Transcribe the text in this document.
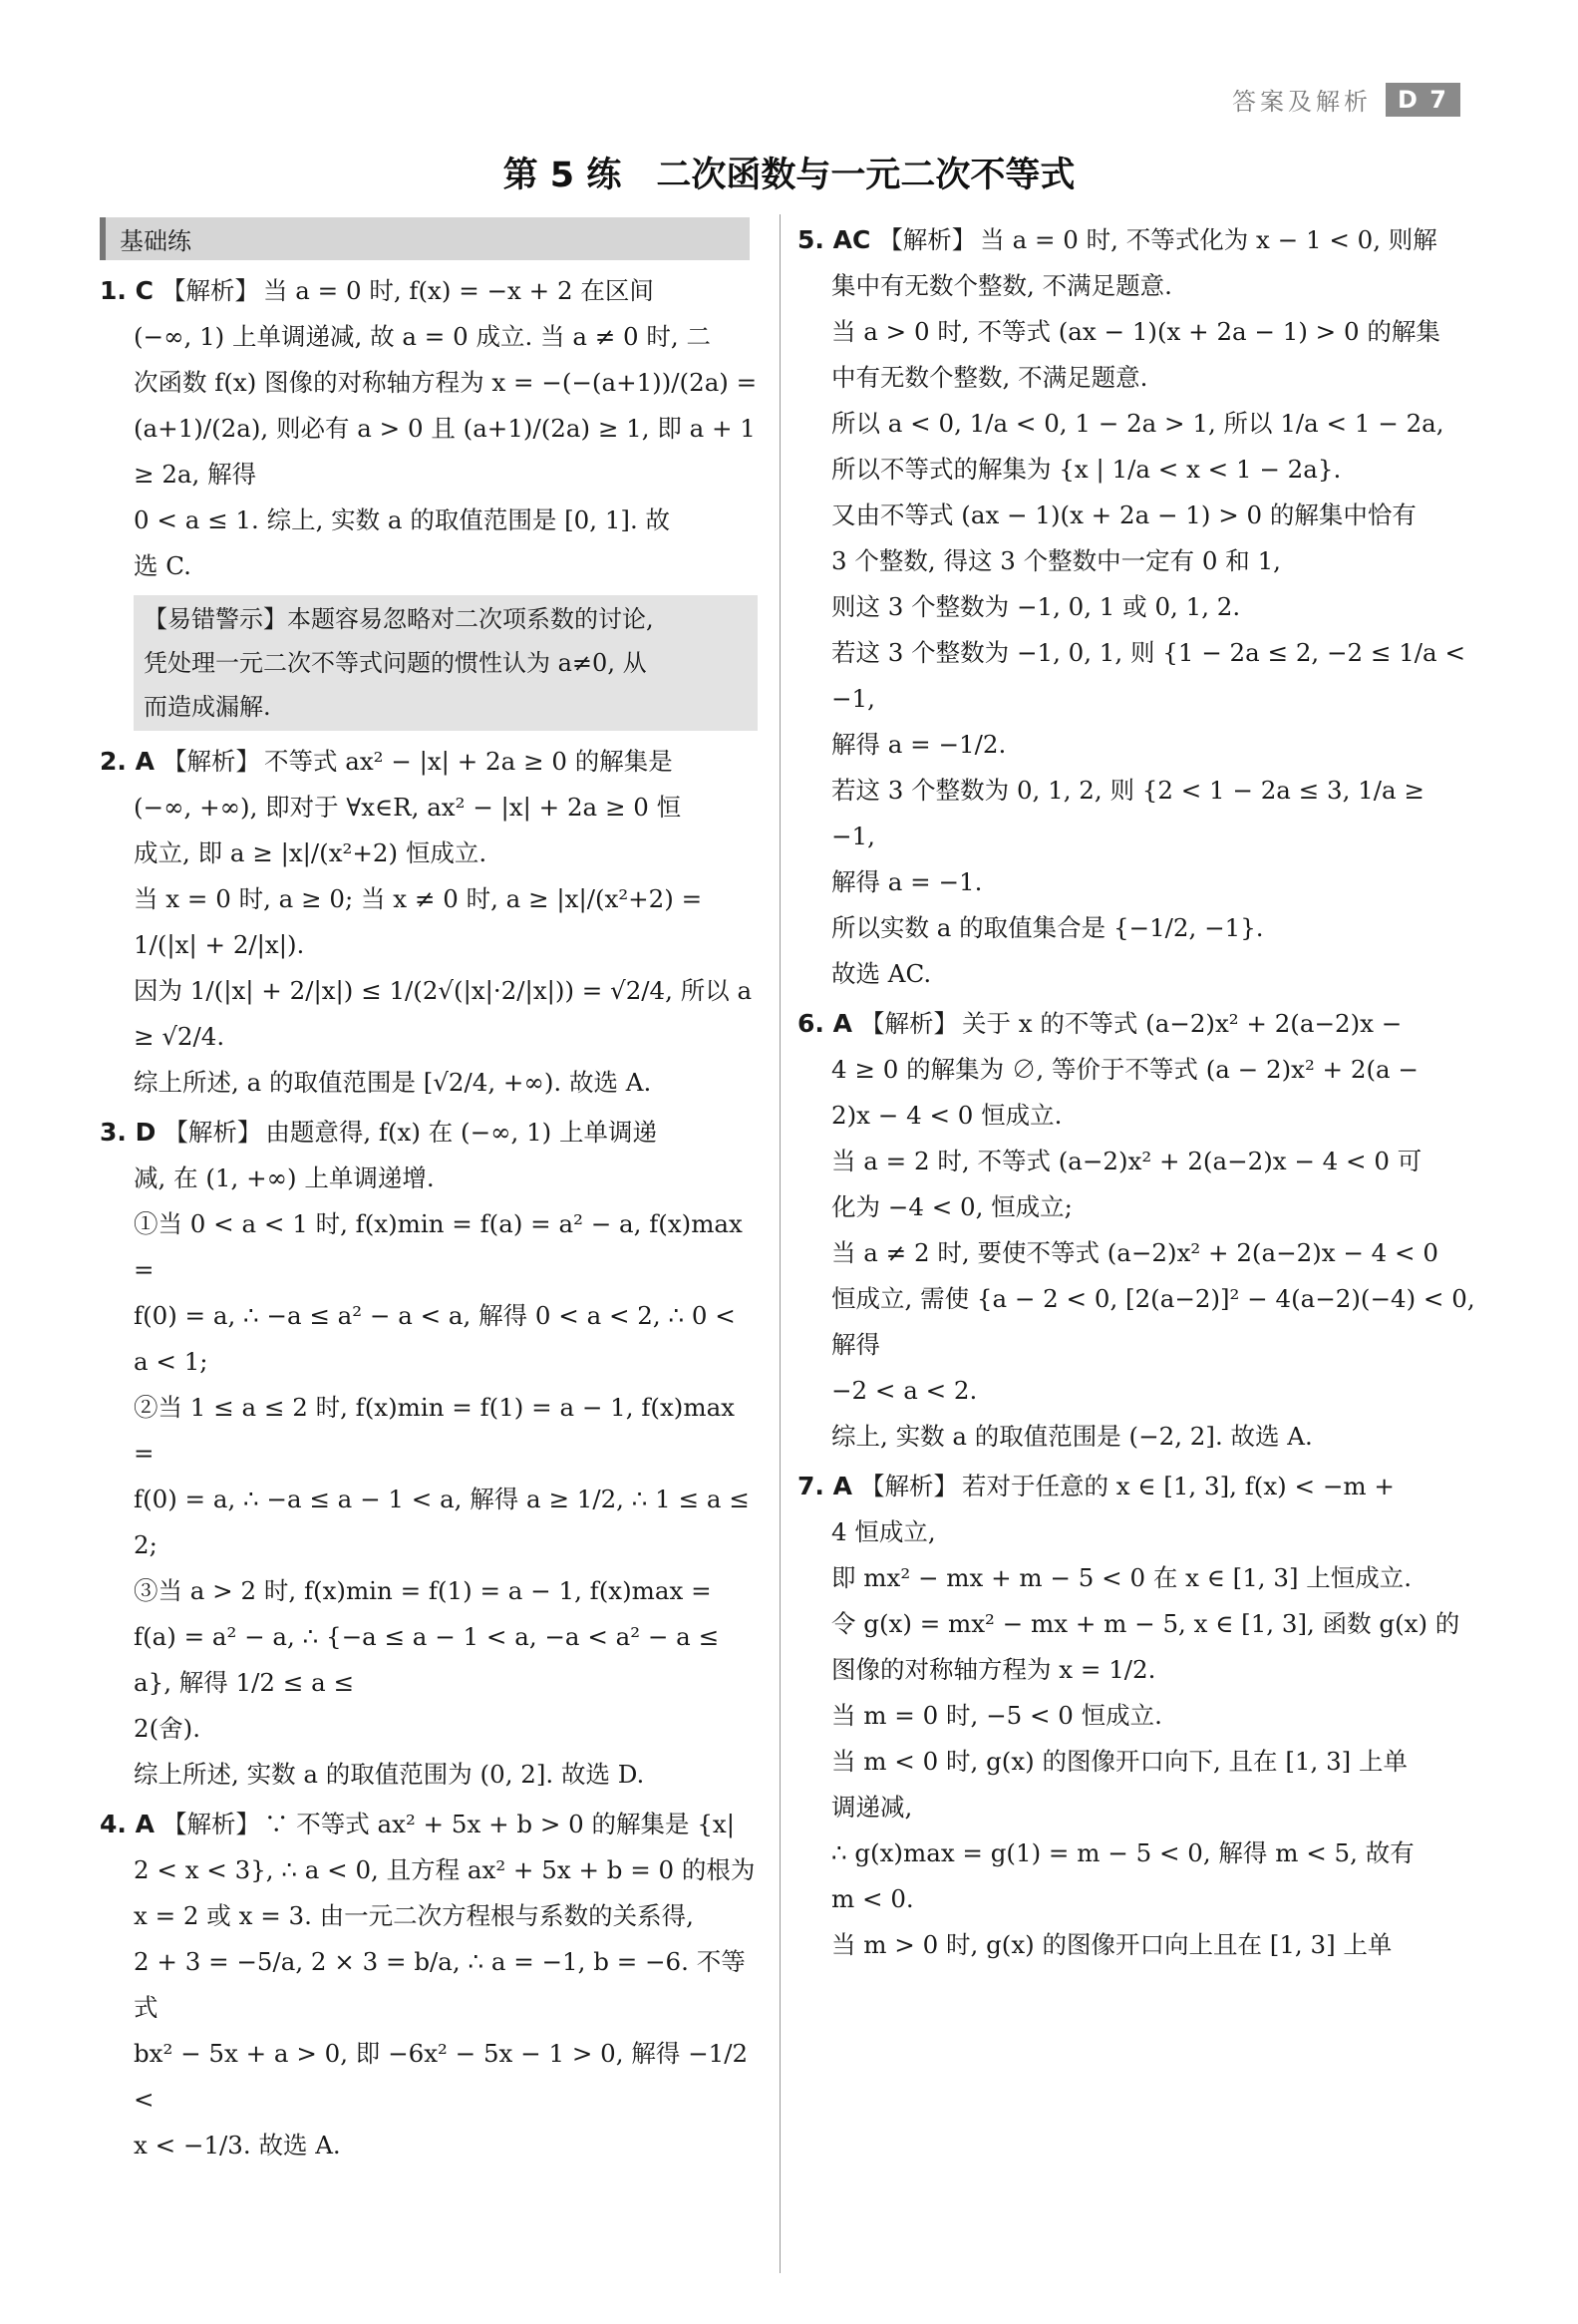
答案及解析	D 7
第 5 练　二次函数与一元二次不等式
基础练
1. C 【解析】 当 a = 0 时, f(x) = −x + 2 在区间
(−∞, 1) 上单调递减, 故 a = 0 成立. 当 a ≠ 0 时, 二
次函数 f(x) 图像的对称轴方程为 x = −(−(a+1))/(2a) =
(a+1)/(2a), 则必有 a > 0 且 (a+1)/(2a) ≥ 1, 即 a + 1 ≥ 2a, 解得
0 < a ≤ 1. 综上, 实数 a 的取值范围是 [0, 1]. 故
选 C.
【易错警示】本题容易忽略对二次项系数的讨论,
凭处理一元二次不等式问题的惯性认为 a≠0, 从
而造成漏解.
2. A 【解析】 不等式 ax² − |x| + 2a ≥ 0 的解集是
(−∞, +∞), 即对于 ∀x∈R, ax² − |x| + 2a ≥ 0 恒
成立, 即 a ≥ |x|/(x²+2) 恒成立.
当 x = 0 时, a ≥ 0; 当 x ≠ 0 时, a ≥ |x|/(x²+2) = 1/(|x| + 2/|x|).
因为 1/(|x| + 2/|x|) ≤ 1/(2√(|x|·2/|x|)) = √2/4, 所以 a ≥ √2/4.
综上所述, a 的取值范围是 [√2/4, +∞). 故选 A.
3. D 【解析】 由题意得, f(x) 在 (−∞, 1) 上单调递
减, 在 (1, +∞) 上单调递增.
①当 0 < a < 1 时, f(x)min = f(a) = a² − a, f(x)max =
f(0) = a, ∴ −a ≤ a² − a < a, 解得 0 < a < 2, ∴ 0 <
a < 1;
②当 1 ≤ a ≤ 2 时, f(x)min = f(1) = a − 1, f(x)max =
f(0) = a, ∴ −a ≤ a − 1 < a, 解得 a ≥ 1/2, ∴ 1 ≤ a ≤ 2;
③当 a > 2 时, f(x)min = f(1) = a − 1, f(x)max =
f(a) = a² − a, ∴ {−a ≤ a − 1 < a, −a < a² − a ≤ a}, 解得 1/2 ≤ a ≤
2(舍).
综上所述, 实数 a 的取值范围为 (0, 2]. 故选 D.
4. A 【解析】 ∵ 不等式 ax² + 5x + b > 0 的解集是 {x|
2 < x < 3}, ∴ a < 0, 且方程 ax² + 5x + b = 0 的根为
x = 2 或 x = 3. 由一元二次方程根与系数的关系得,
2 + 3 = −5/a, 2 × 3 = b/a, ∴ a = −1, b = −6. 不等式
bx² − 5x + a > 0, 即 −6x² − 5x − 1 > 0, 解得 −1/2 <
x < −1/3. 故选 A.
5. AC 【解析】 当 a = 0 时, 不等式化为 x − 1 < 0, 则解
集中有无数个整数, 不满足题意.
当 a > 0 时, 不等式 (ax − 1)(x + 2a − 1) > 0 的解集
中有无数个整数, 不满足题意.
所以 a < 0, 1/a < 0, 1 − 2a > 1, 所以 1/a < 1 − 2a,
所以不等式的解集为 {x | 1/a < x < 1 − 2a}.
又由不等式 (ax − 1)(x + 2a − 1) > 0 的解集中恰有
3 个整数, 得这 3 个整数中一定有 0 和 1,
则这 3 个整数为 −1, 0, 1 或 0, 1, 2.
若这 3 个整数为 −1, 0, 1, 则 {1 − 2a ≤ 2, −2 ≤ 1/a < −1,
解得 a = −1/2.
若这 3 个整数为 0, 1, 2, 则 {2 < 1 − 2a ≤ 3, 1/a ≥ −1,
解得 a = −1.
所以实数 a 的取值集合是 {−1/2, −1}.
故选 AC.
6. A 【解析】 关于 x 的不等式 (a−2)x² + 2(a−2)x −
4 ≥ 0 的解集为 ∅, 等价于不等式 (a − 2)x² + 2(a −
2)x − 4 < 0 恒成立.
当 a = 2 时, 不等式 (a−2)x² + 2(a−2)x − 4 < 0 可
化为 −4 < 0, 恒成立;
当 a ≠ 2 时, 要使不等式 (a−2)x² + 2(a−2)x − 4 < 0
恒成立, 需使 {a − 2 < 0, [2(a−2)]² − 4(a−2)(−4) < 0, 解得
−2 < a < 2.
综上, 实数 a 的取值范围是 (−2, 2]. 故选 A.
7. A 【解析】 若对于任意的 x ∈ [1, 3], f(x) < −m +
4 恒成立,
即 mx² − mx + m − 5 < 0 在 x ∈ [1, 3] 上恒成立.
令 g(x) = mx² − mx + m − 5, x ∈ [1, 3], 函数 g(x) 的
图像的对称轴方程为 x = 1/2.
当 m = 0 时, −5 < 0 恒成立.
当 m < 0 时, g(x) 的图像开口向下, 且在 [1, 3] 上单
调递减,
∴ g(x)max = g(1) = m − 5 < 0, 解得 m < 5, 故有
m < 0.
当 m > 0 时, g(x) 的图像开口向上且在 [1, 3] 上单
